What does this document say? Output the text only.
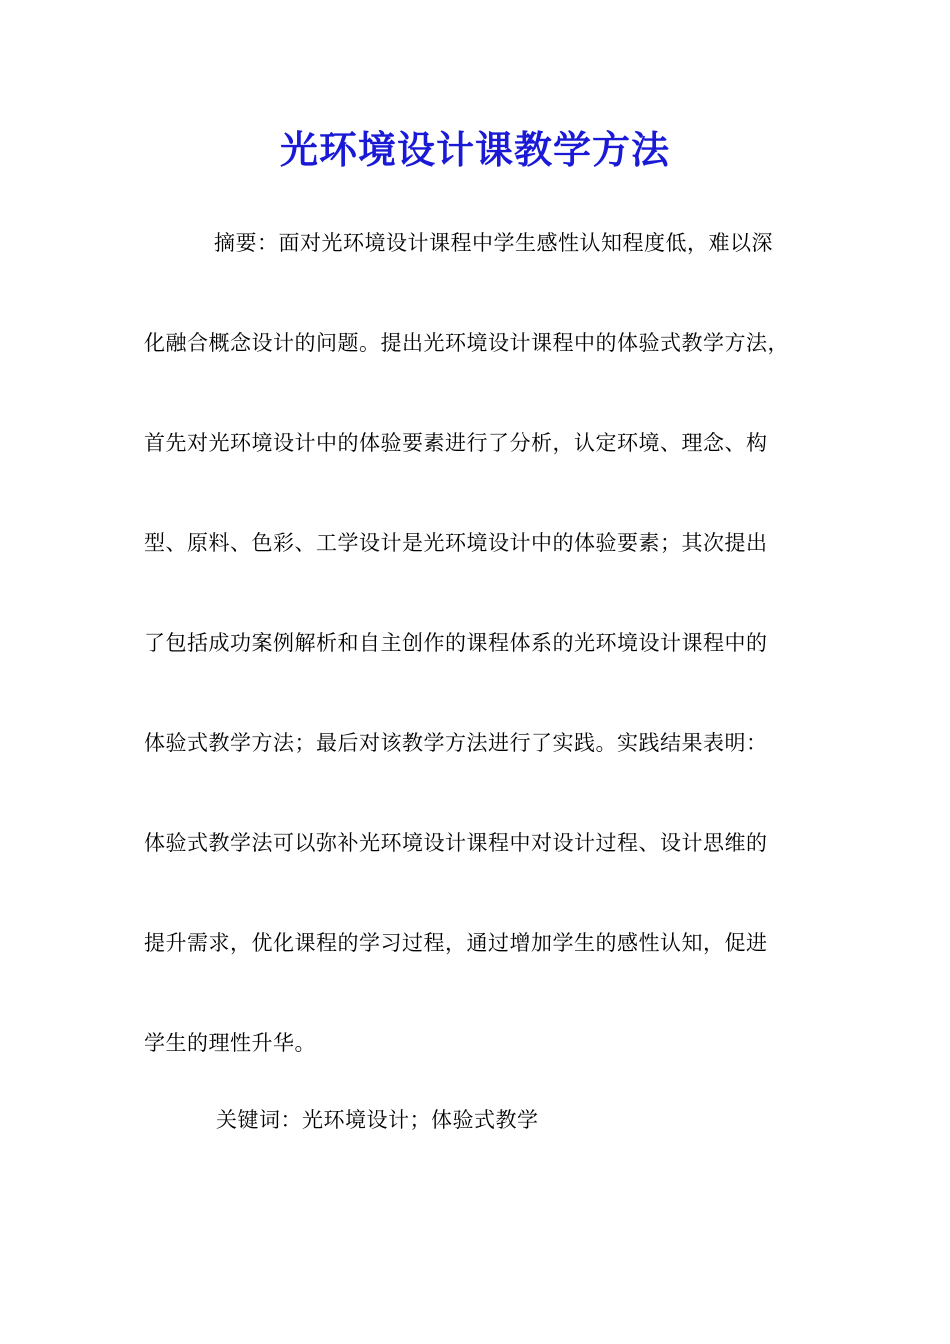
光环境设计课教学方法
摘要：面对光环境设计课程中学生感性认知程度低，难以深
化融合概念设计的问题。提出光环境设计课程中的体验式教学方法，
首先对光环境设计中的体验要素进行了分析，认定环境、理念、构
型、原料、色彩、工学设计是光环境设计中的体验要素；其次提出
了包括成功案例解析和自主创作的课程体系的光环境设计课程中的
体验式教学方法；最后对该教学方法进行了实践。实践结果表明：
体验式教学法可以弥补光环境设计课程中对设计过程、设计思维的
提升需求，优化课程的学习过程，通过增加学生的感性认知，促进
学生的理性升华。
关键词：光环境设计；体验式教学
